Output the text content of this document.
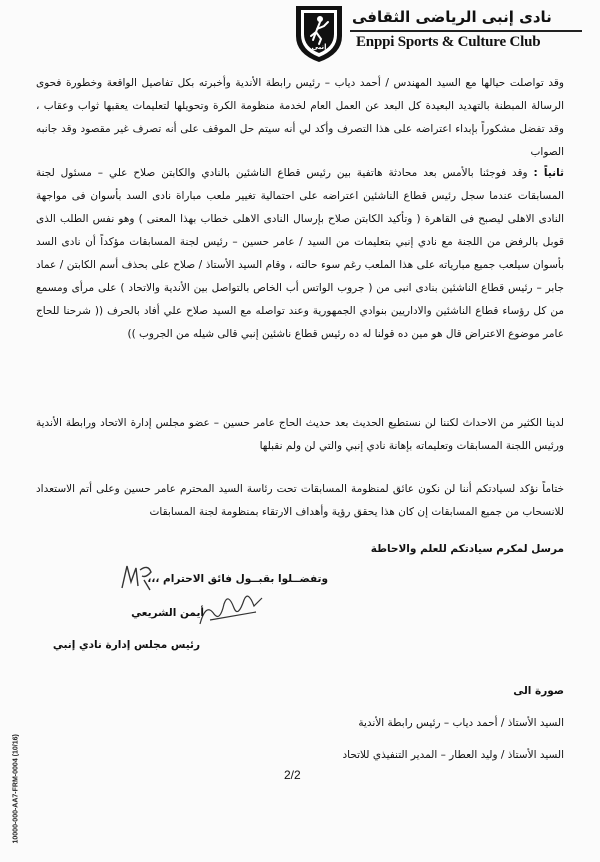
نادى إنبى الرياضى الثقافى
Enppi Sports & Culture Club
إنبى

وقد تواصلت حيالها مع السيد المهندس / أحمد دياب – رئيس رابطة الأندية وأخبرته بكل تفاصيل الواقعة وخطورة فحوى الرسالة المبطنة بالتهديد البعيدة كل البعد عن العمل العام لخدمة منظومة الكرة وتحويلها لتعليمات يعقبها ثواب وعقاب ، وقد تفضل مشكوراً بإبداء اعتراضه على هذا التصرف وأكد لي أنه سيتم حل الموقف على أنه تصرف غير مقصود وقد جانبه الصواب

ثانياً : وقد فوجئنا بالأمس بعد محادثة هاتفية بين رئيس قطاع الناشئين بالنادي والكابتن صلاح علي – مسئول لجنة المسابقات عندما سجل رئيس قطاع الناشئين اعتراضه على احتمالية تغيير ملعب مباراة نادى السد بأسوان فى مواجهة النادى الاهلى ليصبح فى القاهرة ( وتأكيد الكابتن صلاح بإرسال النادى الاهلى خطاب بهذا المعنى ) وهو نفس الطلب الذى قوبل بالرفض من اللجنة مع نادي إنبي بتعليمات من السيد / عامر حسين – رئيس لجنة المسابقات مؤكداً أن نادى السد بأسوان سيلعب جميع مبارياته على هذا الملعب رغم سوء حالته ، وقام السيد الأستاذ / صلاح على بحذف أسم الكابتن / عماد جابر – رئيس قطاع الناشئين بنادى انبى من ( جروب الواتس أب الخاص بالتواصل بين الأندية والاتحاد ) على مرأى ومسمع من كل رؤساء قطاع الناشئين والاداريين بنوادي الجمهورية وعند تواصله مع السيد صلاح علي أفاد بالحرف (( شرحنا للحاج عامر موضوع الاعتراض قال هو مين ده قولنا له ده رئيس قطاع ناشئين إنبي قالى شيله من الجروب ))

لدينا الكثير من الاحداث لكننا لن نستطيع الحديث بعد حديث الحاج عامر حسين – عضو مجلس إدارة الاتحاد ورابطة الأندية ورئيس اللجنة المسابقات وتعليماته بإهانة نادي إنبي والتي لن ولم نقبلها

ختاماً نؤكد لسيادتكم أننا لن نكون عائق لمنظومة المسابقات تحت رئاسة السيد المحترم عامر حسين وعلى أتم الاستعداد للانسحاب من جميع المسابقات إن كان هذا يحقق رؤية وأهداف الارتقاء بمنظومة لجنة المسابقات

مرسل لمكرم سيادتكم للعلم والاحاطة

وتفضــلوا بقبــول فائق الاحترام ،،،

أيمن الشريعي

رئيس مجلس إدارة نادي إنبي

صورة الى

السيد الأستاذ / أحمد دياب – رئيس رابطة الأندية

السيد الأستاذ / وليد العطار – المدير التنفيذي للاتحاد

2/2
10000-000-AA7-FRM-0004 (10/16)
